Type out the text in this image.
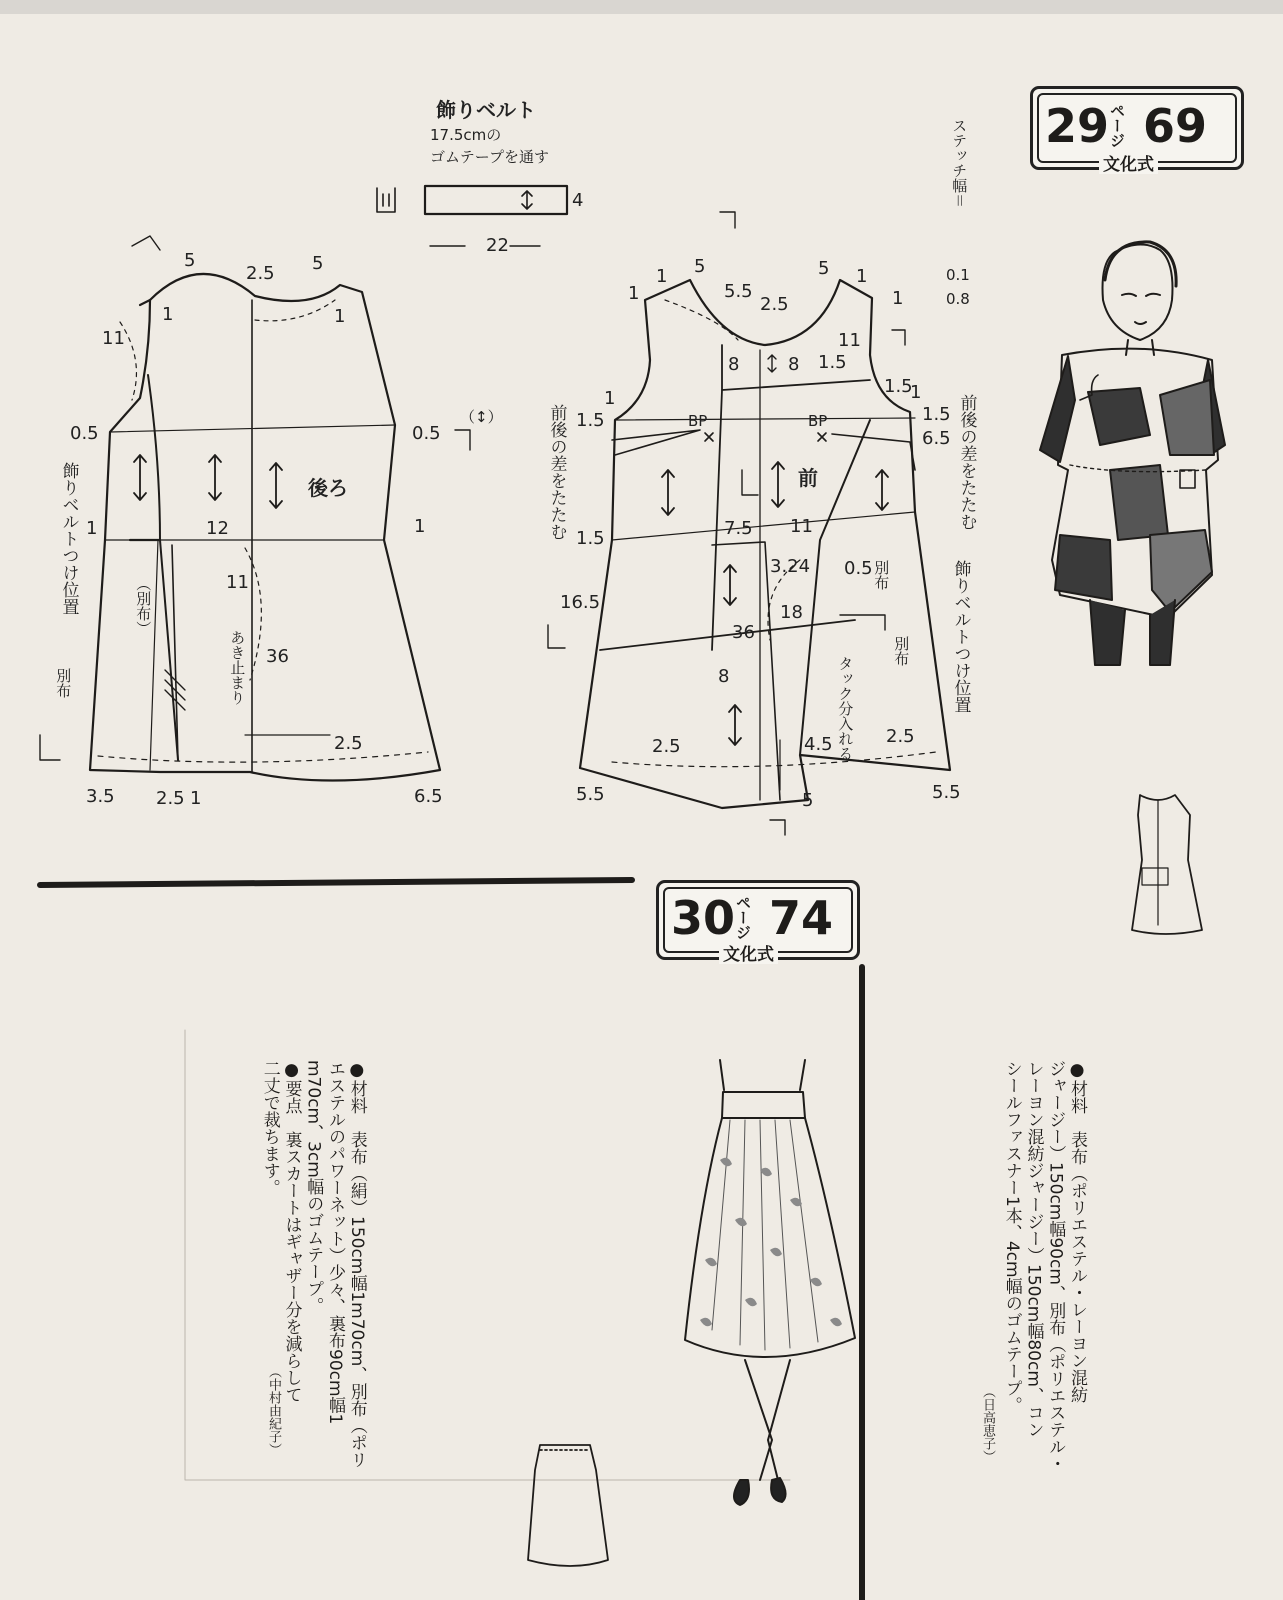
29
ページ 69
文化式
30
ページ 74
文化式
飾りベルト
17.5cmの
ゴムテープを通す
4
22
ステッチ幅＝
0.1
0.8
後ろ
飾りベルトつけ位置	（別布）
別布	あき止まり
（↕）
5
2.5 5
1	1
11
0.5	0.5
1	12	1
11
36
2.5
3.5 2.5 1	6.5
前
前後の差をたたむ	前後の差をたたむ
飾りベルトつけ位置
別布
別布
タック分入れる
BP	BP
1
1 5
5.5
2.5
5 1
1
1
8	8 1.5
11
1.5
1
1.5	1.5
6.5
7.5 11
3.24 0.5
1.5
16.5	18
36
8
2.5	4.5	2.5
5.5	5	5.5
●材料　表布（ポリエステル・レーヨン混紡
ジャージー）150cm幅90cm、別布（ポリエステル・
レーヨン混紡ジャージー）150cm幅80cm、コン
シールファスナー1本、4cm幅のゴムテープ。
（日高恵子）
●材料　表布（絹）150cm幅1m70cm、別布（ポリ
エステルのパワーネット）少々、裏布90cm幅1
m70cm、3cm幅のゴムテープ。
●要点　裏スカートはギャザー分を減らして
二丈で裁ちます。
（中村由紀子）
